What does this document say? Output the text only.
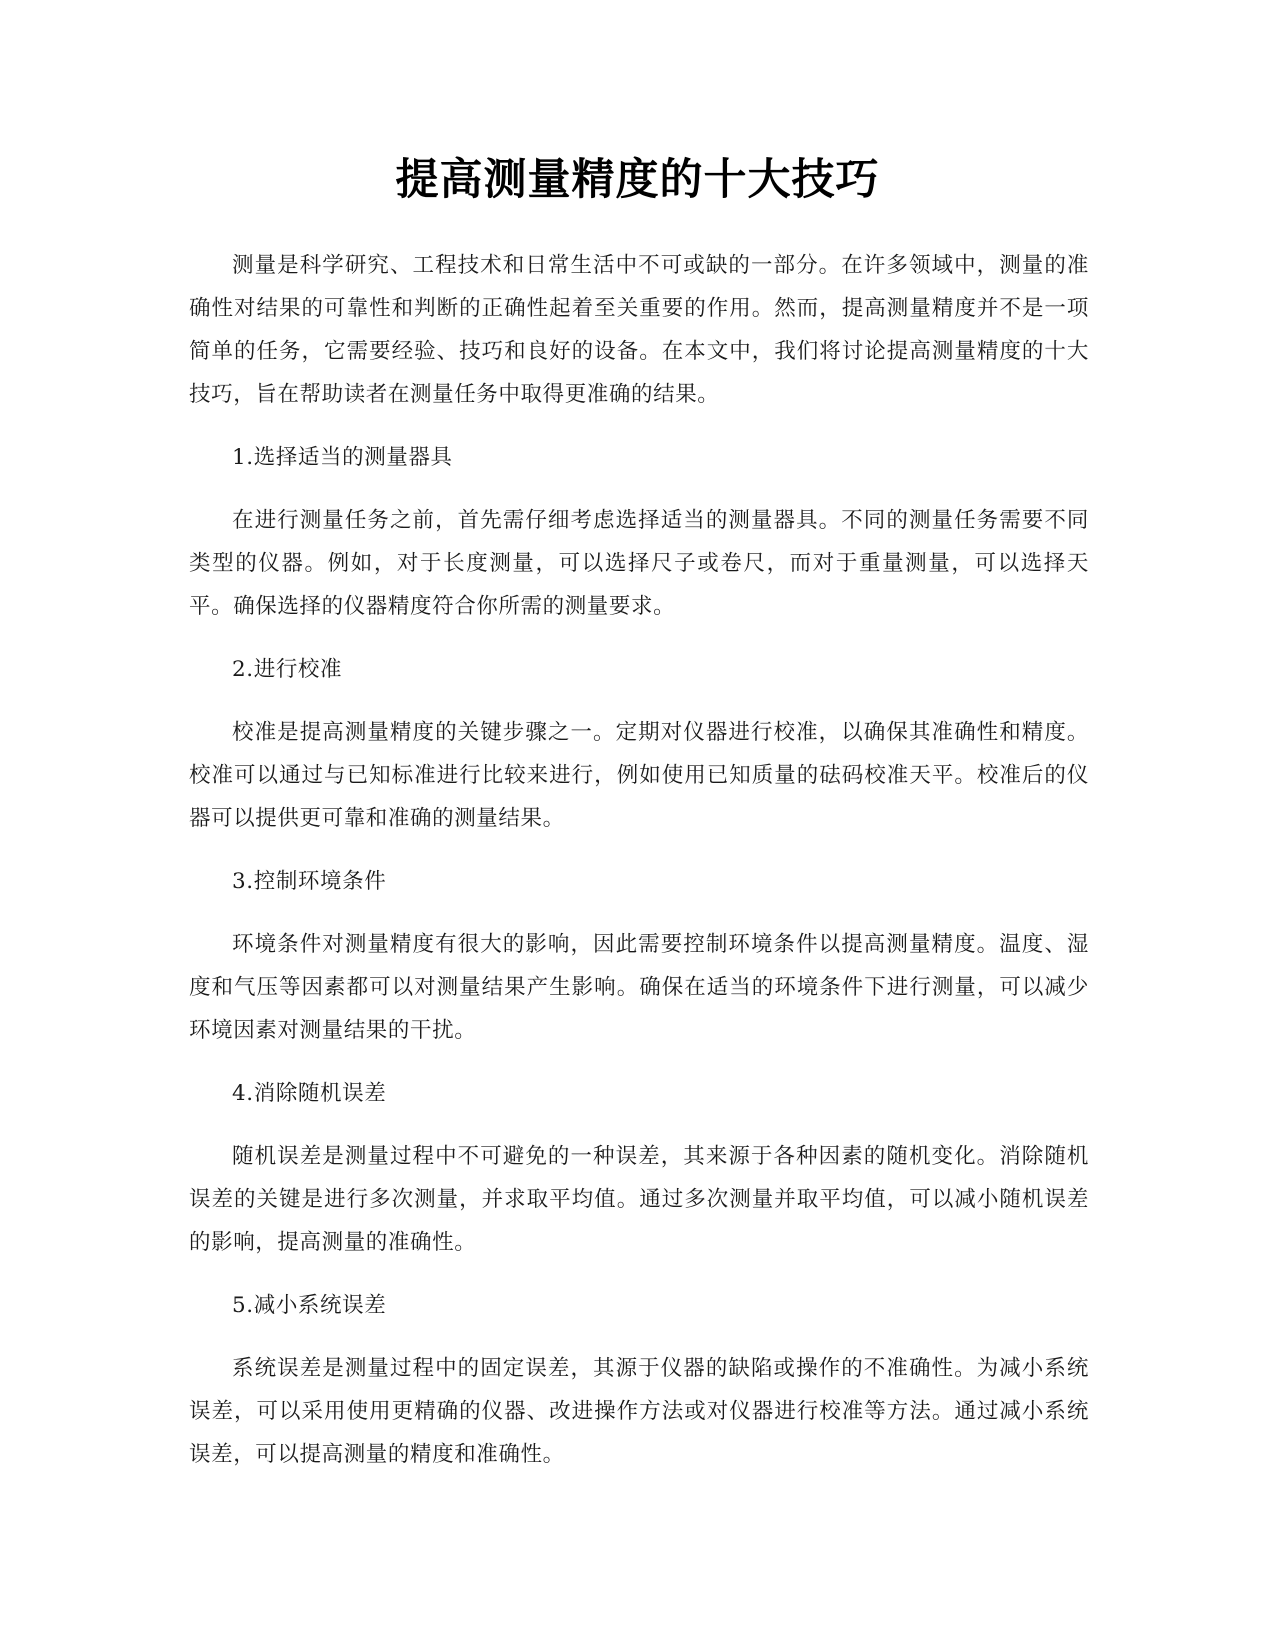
提高测量精度的十大技巧

测量是科学研究、工程技术和日常生活中不可或缺的一部分。在许多领域中，测量的准确性对结果的可靠性和判断的正确性起着至关重要的作用。然而，提高测量精度并不是一项简单的任务，它需要经验、技巧和良好的设备。在本文中，我们将讨论提高测量精度的十大技巧，旨在帮助读者在测量任务中取得更准确的结果。

1.选择适当的测量器具

在进行测量任务之前，首先需仔细考虑选择适当的测量器具。不同的测量任务需要不同类型的仪器。例如，对于长度测量，可以选择尺子或卷尺，而对于重量测量，可以选择天平。确保选择的仪器精度符合你所需的测量要求。

2.进行校准

校准是提高测量精度的关键步骤之一。定期对仪器进行校准，以确保其准确性和精度。校准可以通过与已知标准进行比较来进行，例如使用已知质量的砝码校准天平。校准后的仪器可以提供更可靠和准确的测量结果。

3.控制环境条件

环境条件对测量精度有很大的影响，因此需要控制环境条件以提高测量精度。温度、湿度和气压等因素都可以对测量结果产生影响。确保在适当的环境条件下进行测量，可以减少环境因素对测量结果的干扰。

4.消除随机误差

随机误差是测量过程中不可避免的一种误差，其来源于各种因素的随机变化。消除随机误差的关键是进行多次测量，并求取平均值。通过多次测量并取平均值，可以减小随机误差的影响，提高测量的准确性。

5.减小系统误差

系统误差是测量过程中的固定误差，其源于仪器的缺陷或操作的不准确性。为减小系统误差，可以采用使用更精确的仪器、改进操作方法或对仪器进行校准等方法。通过减小系统误差，可以提高测量的精度和准确性。
